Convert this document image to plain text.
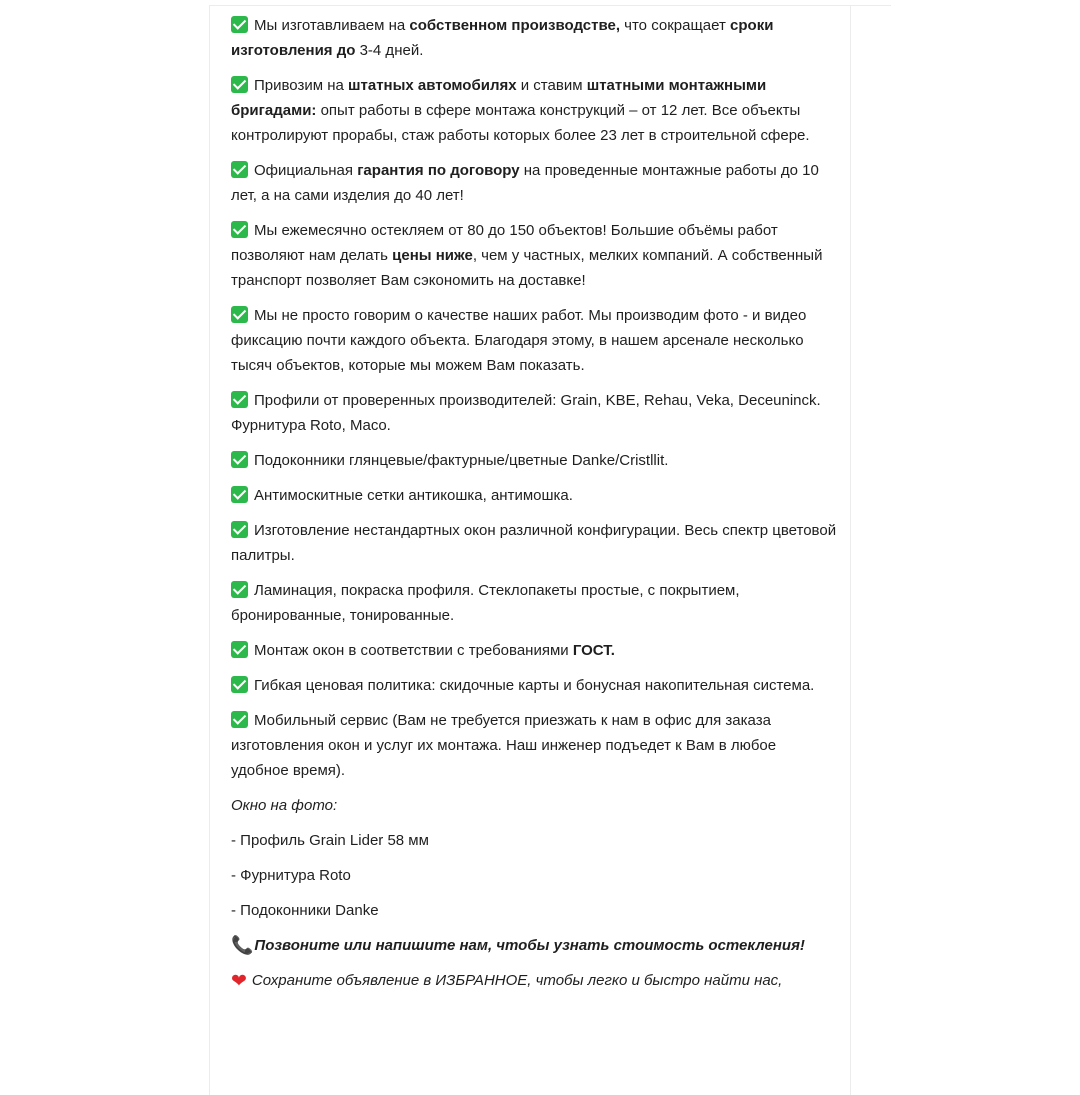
Мы изготавливаем на собственном производстве, что сокращает сроки изготовления до 3-4 дней.

Привозим на штатных автомобилях и ставим штатными монтажными бригадами: опыт работы в сфере монтажа конструкций – от 12 лет. Все объекты контролируют прорабы, стаж работы которых более 23 лет в строительной сфере.

Официальная гарантия по договору на проведенные монтажные работы до 10 лет, а на сами изделия до 40 лет!

Мы ежемесячно остекляем от 80 до 150 объектов! Большие объёмы работ позволяют нам делать цены ниже, чем у частных, мелких компаний. А собственный транспорт позволяет Вам сэкономить на доставке!

Мы не просто говорим о качестве наших работ. Мы производим фото - и видео фиксацию почти каждого объекта. Благодаря этому, в нашем арсенале несколько тысяч объектов, которые мы можем Вам показать.

Профили от проверенных производителей: Grain, KBE, Rehau, Veka, Deceuninck. Фурнитура Roto, Maco.

Подоконники глянцевые/фактурные/цветные Danke/Cristllit.

Антимоскитные сетки антикошка, антимошка.

Изготовление нестандартных окон различной конфигурации. Весь спектр цветовой палитры.

Ламинация, покраска профиля. Стеклопакеты простые, с покрытием, бронированные, тонированные.

Монтаж окон в соответствии с требованиями ГОСТ.

Гибкая ценовая политика: скидочные карты и бонусная накопительная система.

Мобильный сервис (Вам не требуется приезжать к нам в офис для заказа изготовления окон и услуг их монтажа. Наш инженер подъедет к Вам в любое удобное время).

Окно на фото:

- Профиль Grain Lider 58 мм

- Фурнитура Roto

- Подоконники Danke

📞Позвоните или напишите нам, чтобы узнать стоимость остекления!

❤ Сохраните объявление в ИЗБРАННОЕ, чтобы легко и быстро найти нас,
